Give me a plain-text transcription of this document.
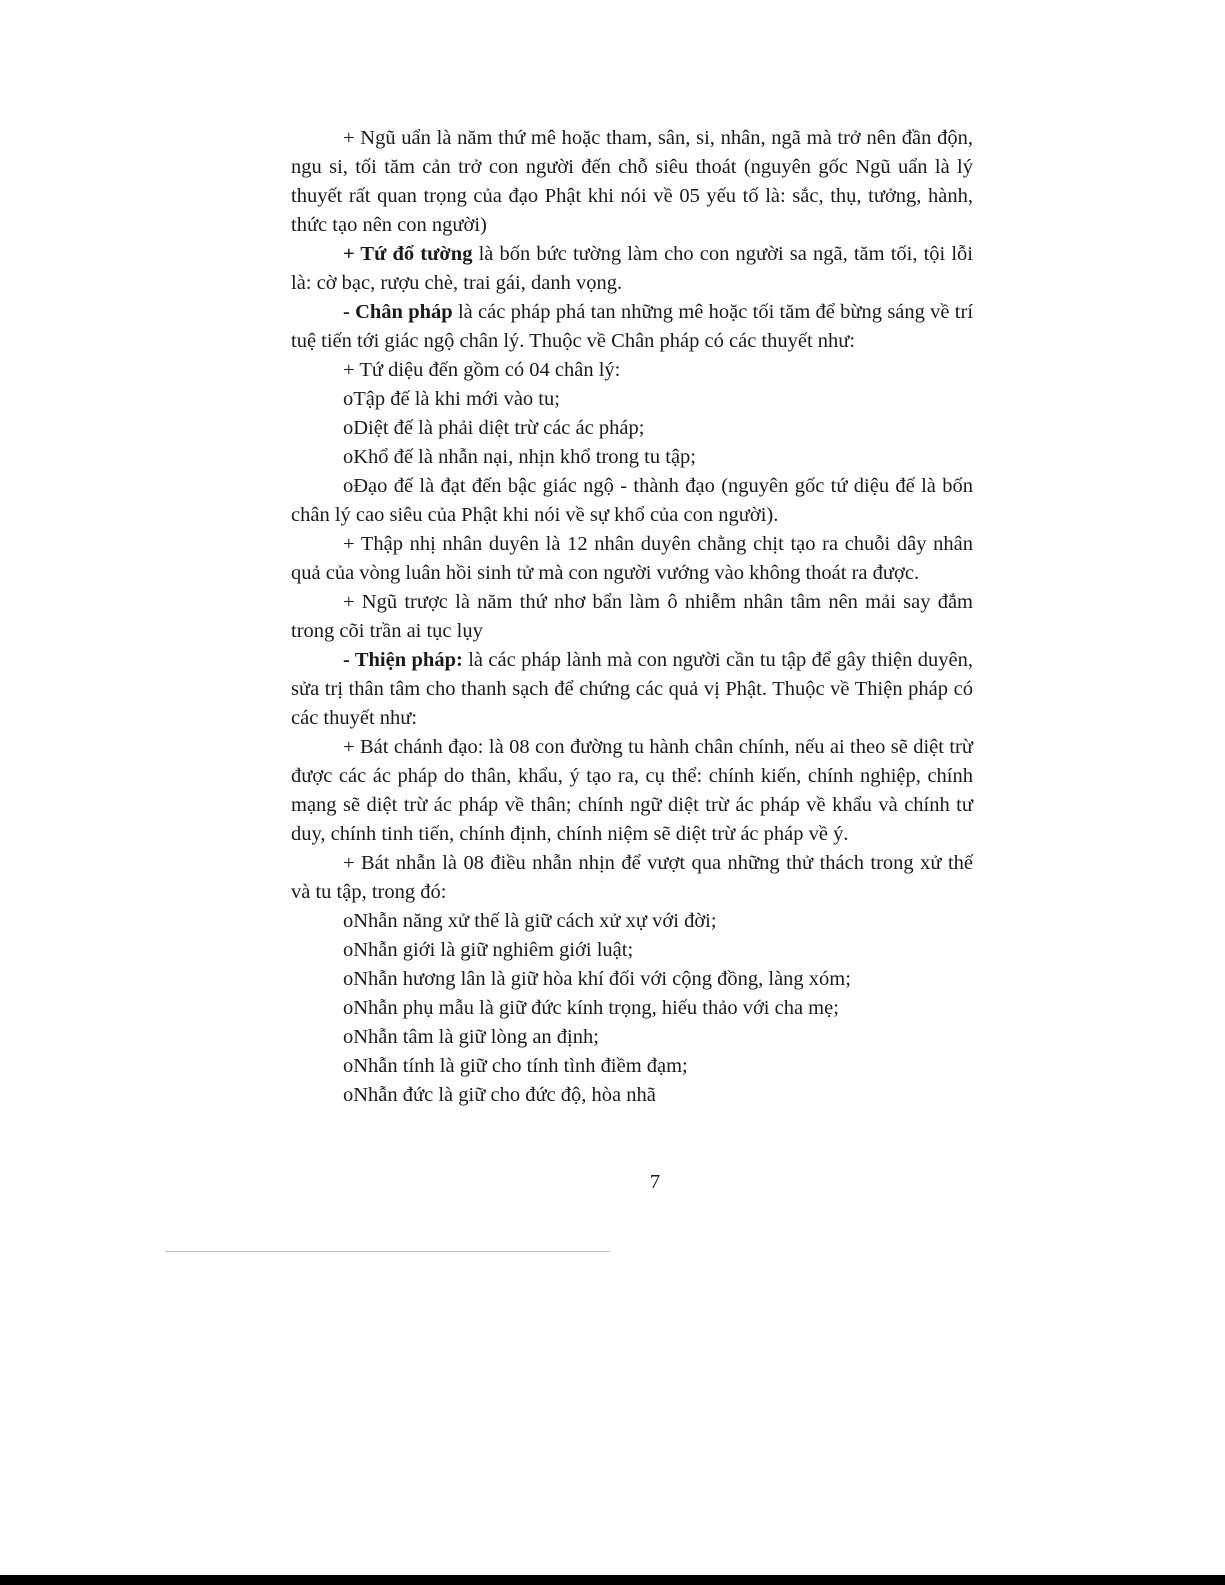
+ Ngũ uẩn là năm thứ mê hoặc tham, sân, si, nhân, ngã mà trở nên đần độn, ngu si, tối tăm cản trở con người đến chỗ siêu thoát (nguyên gốc Ngũ uẩn là lý thuyết rất quan trọng của đạo Phật khi nói về 05 yếu tố là: sắc, thụ, tưởng, hành, thức tạo nên con người)

+ Tứ đổ tường là bốn bức tường làm cho con người sa ngã, tăm tối, tội lỗi là: cờ bạc, rượu chè, trai gái, danh vọng.

- Chân pháp là các pháp phá tan những mê hoặc tối tăm để bừng sáng về trí tuệ tiến tới giác ngộ chân lý. Thuộc về Chân pháp có các thuyết như:

+ Tứ diệu đến gồm có 04 chân lý:

oTập đế là khi mới vào tu;

oDiệt đế là phải diệt trừ các ác pháp;

oKhổ đế là nhẫn nại, nhịn khổ trong tu tập;

oĐạo đế là đạt đến bậc giác ngộ - thành đạo (nguyên gốc tứ diệu đế là bốn chân lý cao siêu của Phật khi nói về sự khổ của con người).

+ Thập nhị nhân duyên là 12 nhân duyên chằng chịt tạo ra chuỗi dây nhân quả của vòng luân hồi sinh tử mà con người vướng vào không thoát ra được.

+ Ngũ trược là năm thứ nhơ bẩn làm ô nhiễm nhân tâm nên mải say đắm trong cõi trần ai tục lụy

- Thiện pháp: là các pháp lành mà con người cần tu tập để gây thiện duyên, sửa trị thân tâm cho thanh sạch để chứng các quả vị Phật. Thuộc về Thiện pháp có các thuyết như:

+ Bát chánh đạo: là 08 con đường tu hành chân chính, nếu ai theo sẽ diệt trừ được các ác pháp do thân, khẩu, ý tạo ra, cụ thể: chính kiến, chính nghiệp, chính mạng sẽ diệt trừ ác pháp về thân; chính ngữ diệt trừ ác pháp về khẩu và chính tư duy, chính tinh tiến, chính định, chính niệm sẽ diệt trừ ác pháp về ý.

+ Bát nhẫn là 08 điều nhẫn nhịn để vượt qua những thử thách trong xử thế và tu tập, trong đó:

oNhẫn năng xử thế là giữ cách xử xự với đời;

oNhẫn giới là giữ nghiêm giới luật;

oNhẫn hương lân là giữ hòa khí đối với cộng đồng, làng xóm;

oNhẫn phụ mẫu là giữ đức kính trọng, hiếu thảo với cha mẹ;

oNhẫn tâm là giữ lòng an định;

oNhẫn tính là giữ cho tính tình điềm đạm;

oNhẫn đức là giữ cho đức độ, hòa nhã

7
